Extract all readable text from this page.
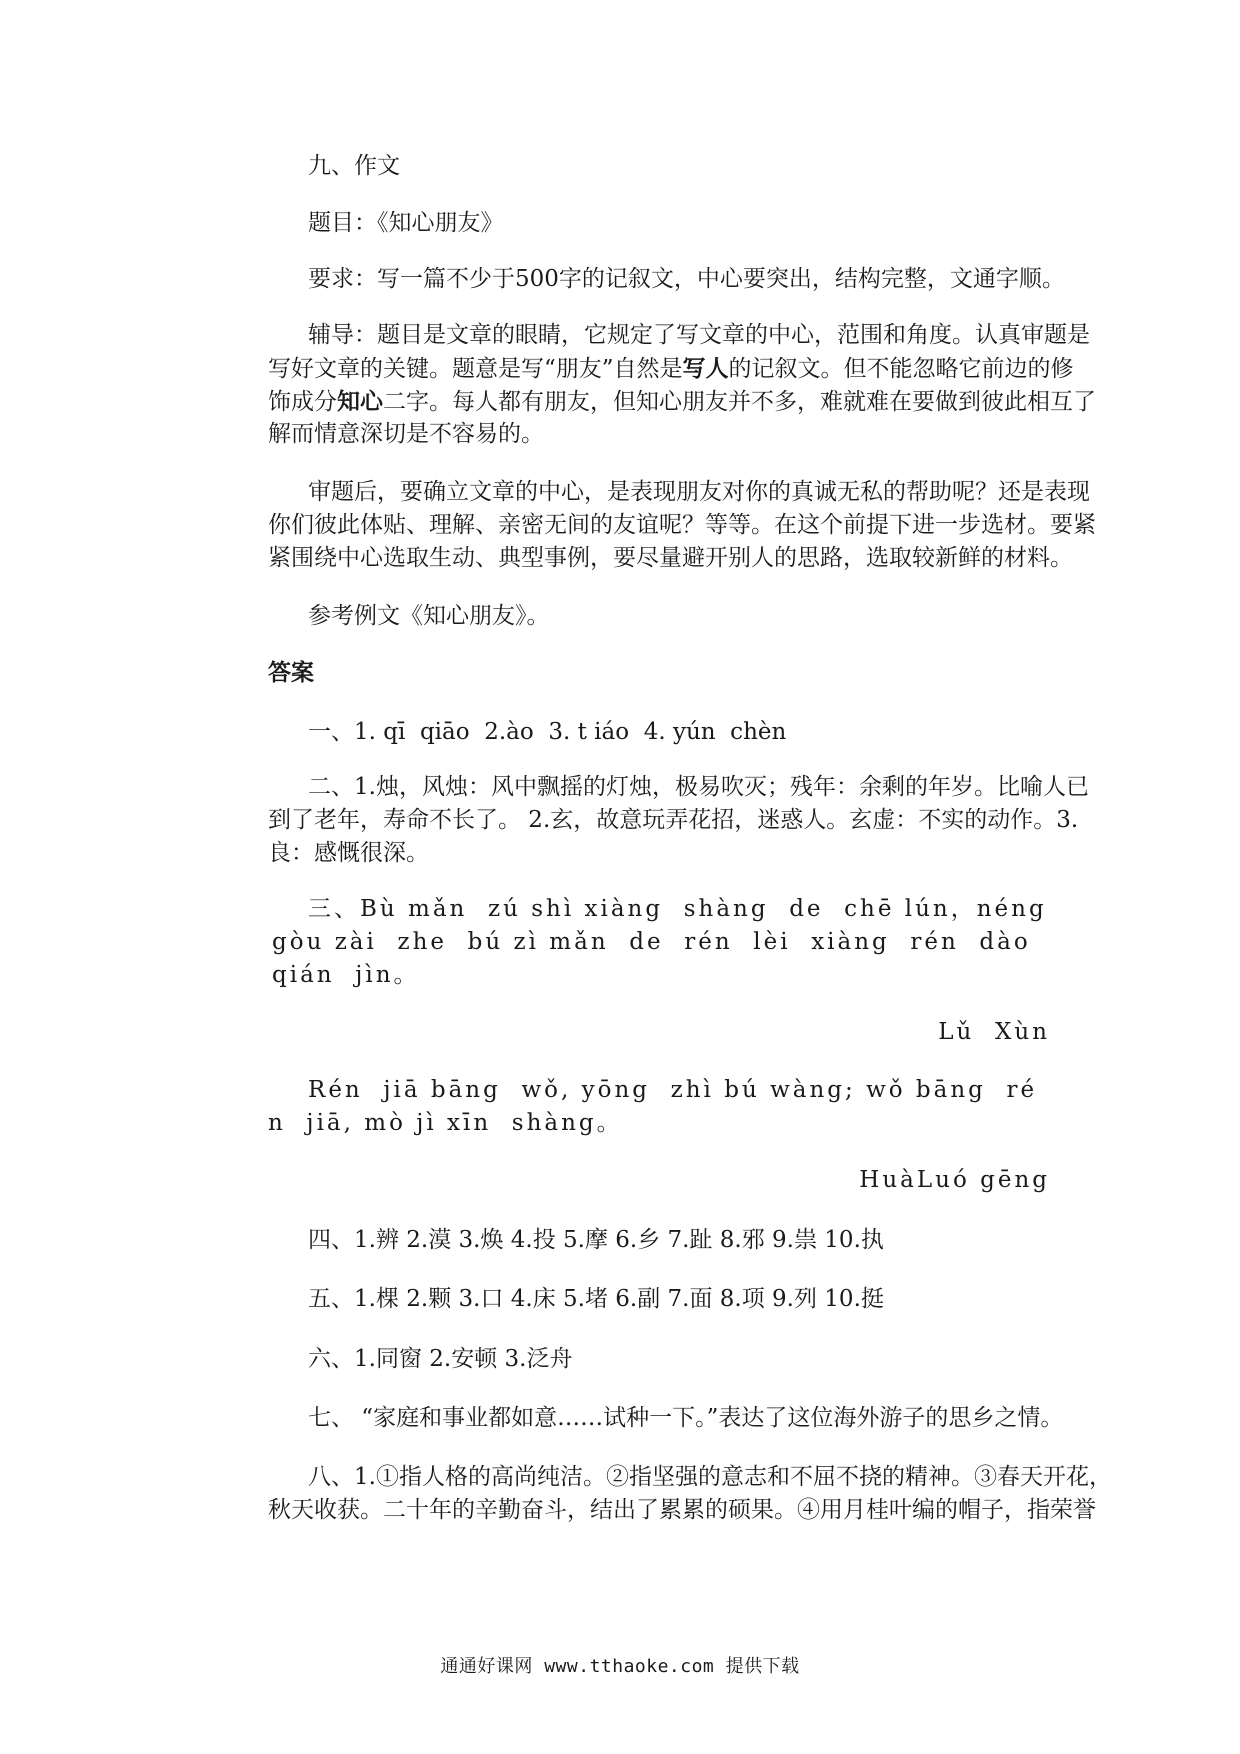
九、作文

题目：《知心朋友》

要求：写一篇不少于500字的记叙文，中心要突出，结构完整，文通字顺。

辅导：题目是文章的眼睛，它规定了写文章的中心，范围和角度。认真审题是

写好文章的关键。题意是写“朋友”自然是写人的记叙文。但不能忽略它前边的修

饰成分知心二字。每人都有朋友，但知心朋友并不多，难就难在要做到彼此相互了

解而情意深切是不容易的。

审题后，要确立文章的中心，是表现朋友对你的真诚无私的帮助呢？还是表现

你们彼此体贴、理解、亲密无间的友谊呢？等等。在这个前提下进一步选材。要紧

紧围绕中心选取生动、典型事例，要尽量避开别人的思路，选取较新鲜的材料。

参考例文《知心朋友》。

答案

一、1. qī  qiāo  2.ào  3. t iáo  4. yún  chèn

二、1.烛，风烛：风中飘摇的灯烛，极易吹灭；残年：余剩的年岁。比喻人已

到了老年，寿命不长了。 2.玄，故意玩弄花招，迷惑人。玄虚：不实的动作。3.

良：感慨很深。

三、Bù mǎn  zú shì xiàng  shàng  de  chē lún，néng

gòu zài  zhe  bú zì mǎn  de  rén  lèi  xiàng  rén  dào

qián  jìn。

Lǔ  Xùn

Rén  jiā bāng  wǒ, yōng  zhì bú wàng; wǒ bāng  ré

n  jiā, mò jì xīn  shàng。

HuàLuó gēng

四、1.辨 2.漠 3.焕 4.投 5.摩 6.乡 7.趾 8.邪 9.祟 10.执

五、1.棵 2.颗 3.口 4.床 5.堵 6.副 7.面 8.项 9.列 10.挺

六、1.同窗 2.安顿 3.泛舟

七、 “家庭和事业都如意……试种一下。”表达了这位海外游子的思乡之情。

八、1.①指人格的高尚纯洁。②指坚强的意志和不屈不挠的精神。③春天开花，

秋天收获。二十年的辛勤奋斗，结出了累累的硕果。④用月桂叶编的帽子，指荣誉

通通好课网 www.tthaoke.com 提供下载
